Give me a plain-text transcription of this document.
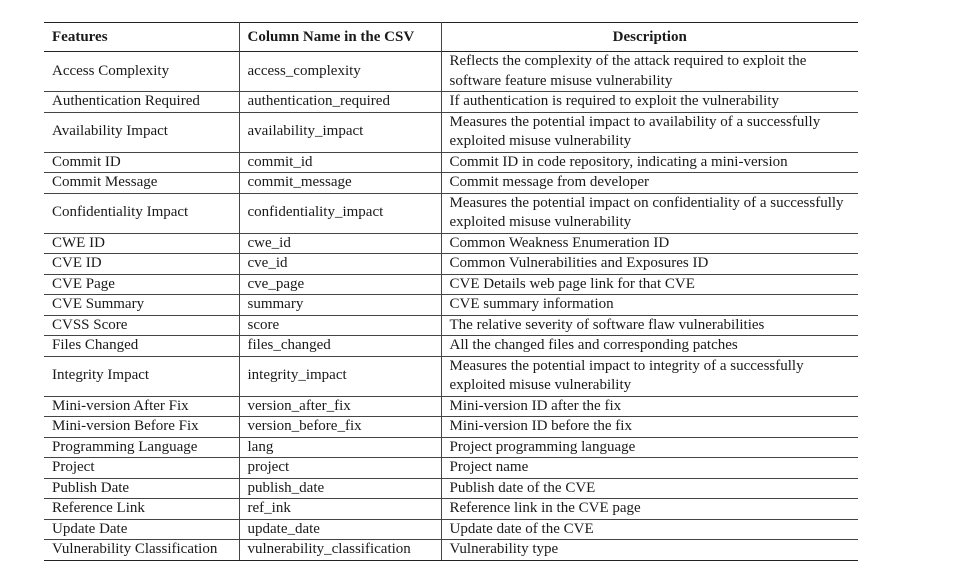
Features	Column Name in the CSV	Description
Access Complexity	access_complexity	Reflects the complexity of the attack required to exploit the software feature misuse vulnerability
Authentication Required	authentication_required	If authentication is required to exploit the vulnerability
Availability Impact	availability_impact	Measures the potential impact to availability of a successfully exploited misuse vulnerability
Commit ID	commit_id	Commit ID in code repository, indicating a mini-version
Commit Message	commit_message	Commit message from developer
Confidentiality Impact	confidentiality_impact	Measures the potential impact on confidentiality of a successfully exploited misuse vulnerability
CWE ID	cwe_id	Common Weakness Enumeration ID
CVE ID	cve_id	Common Vulnerabilities and Exposures ID
CVE Page	cve_page	CVE Details web page link for that CVE
CVE Summary	summary	CVE summary information
CVSS Score	score	The relative severity of software flaw vulnerabilities
Files Changed	files_changed	All the changed files and corresponding patches
Integrity Impact	integrity_impact	Measures the potential impact to integrity of a successfully exploited misuse vulnerability
Mini-version After Fix	version_after_fix	Mini-version ID after the fix
Mini-version Before Fix	version_before_fix	Mini-version ID before the fix
Programming Language	lang	Project programming language
Project	project	Project name
Publish Date	publish_date	Publish date of the CVE
Reference Link	ref_ink	Reference link in the CVE page
Update Date	update_date	Update date of the CVE
Vulnerability Classification	vulnerability_classification	Vulnerability type
